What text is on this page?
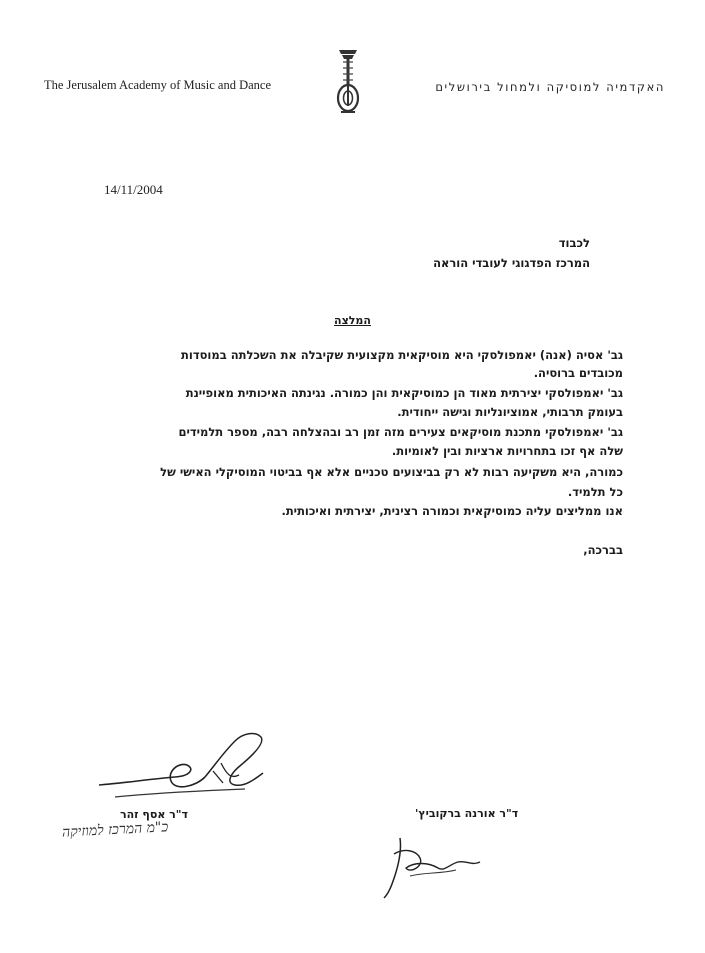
The Jerusalem Academy of Music and Dance	האקדמיה למוסיקה ולמחול בירושלים
14/11/2004
לכבוד
המרכז הפדגוגי לעובדי הוראה
המלצה
גב' אסיה (אנה) יאמפולסקי היא מוסיקאית מקצועית שקיבלה את השכלתה במוסדות
מכובדים ברוסיה.
גב' יאמפולסקי יצירתית מאוד הן כמוסיקאית והן כמורה. נגינתה האיכותית מאופיינת
בעומק תרבותי, אמוציונליות וגישה ייחודית.
גב' יאמפולסקי מתכנת מוסיקאים צעירים מזה זמן רב ובהצלחה רבה, מספר תלמידים
שלה אף זכו בתחרויות ארציות ובין לאומיות.
כמורה, היא משקיעה רבות לא רק בביצועים טכניים אלא אף בביטוי המוסיקלי האישי של
כל תלמיד.
אנו ממליצים עליה כמוסיקאית וכמורה רצינית, יצירתית ואיכותית.
בברכה,
ד"ר אסף זהר
כ"מ המרכז למוזיקה
ד"ר אורנה ברקוביץ'
